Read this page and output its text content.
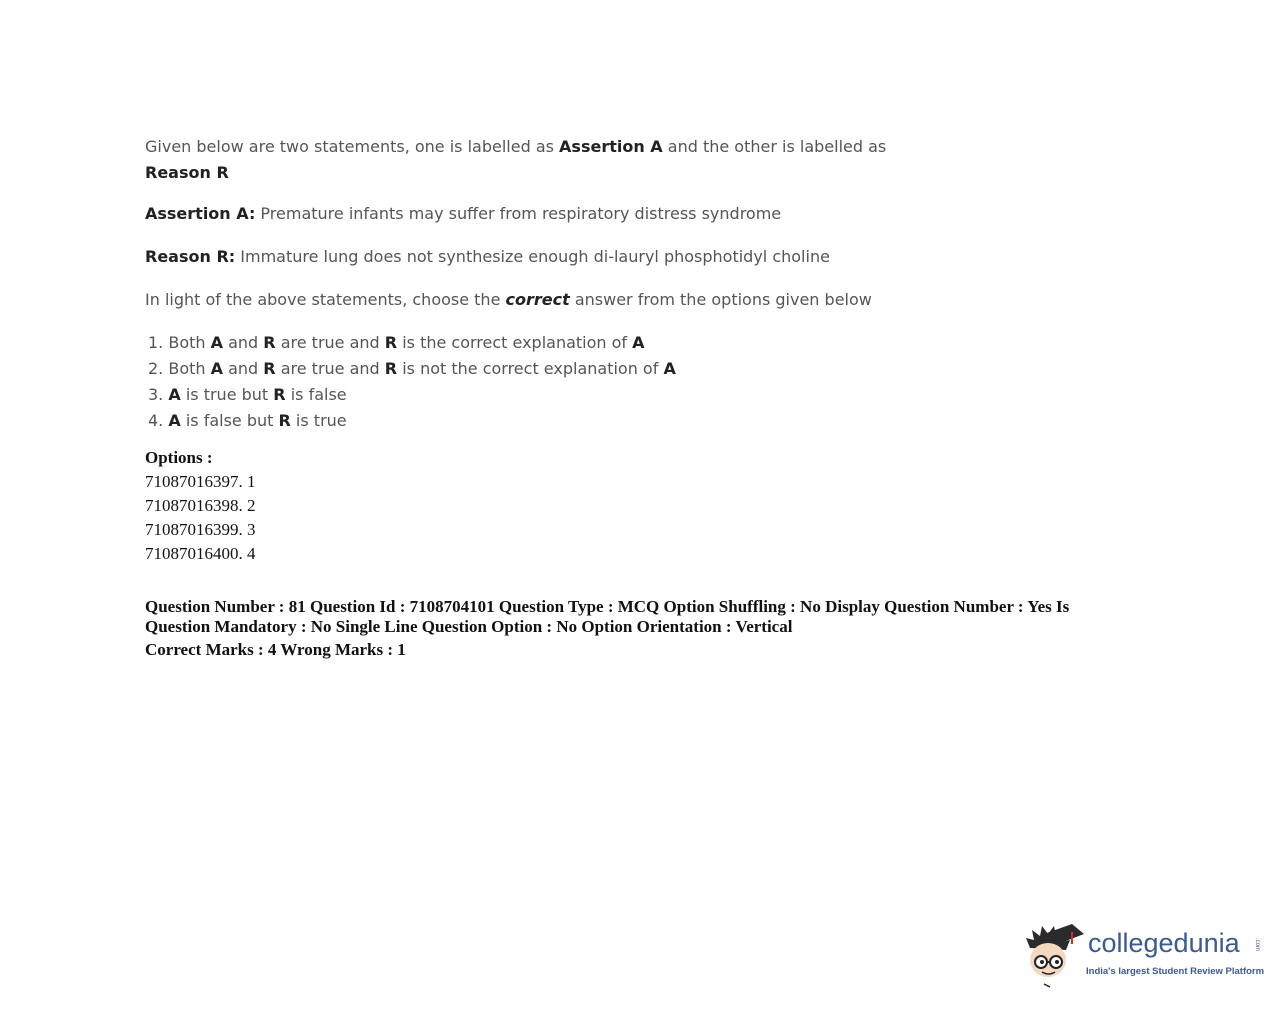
Given below are two statements, one is labelled as Assertion A and the other is labelled as
Reason R
Assertion A: Premature infants may suffer from respiratory distress syndrome
Reason R: Immature lung does not synthesize enough di-lauryl phosphotidyl choline
In light of the above statements, choose the correct answer from the options given below
1. Both A and R are true and R is the correct explanation of A
2. Both A and R are true and R is not the correct explanation of A
3. A is true but R is false
4. A is false but R is true
Options :
71087016397. 1
71087016398. 2
71087016399. 3
71087016400. 4
Question Number : 81 Question Id : 7108704101 Question Type : MCQ Option Shuffling : No Display Question Number : Yes Is Question Mandatory : No Single Line Question Option : No Option Orientation : Vertical
Correct Marks : 4 Wrong Marks : 1
collegedunia .com
India's largest Student Review Platform
